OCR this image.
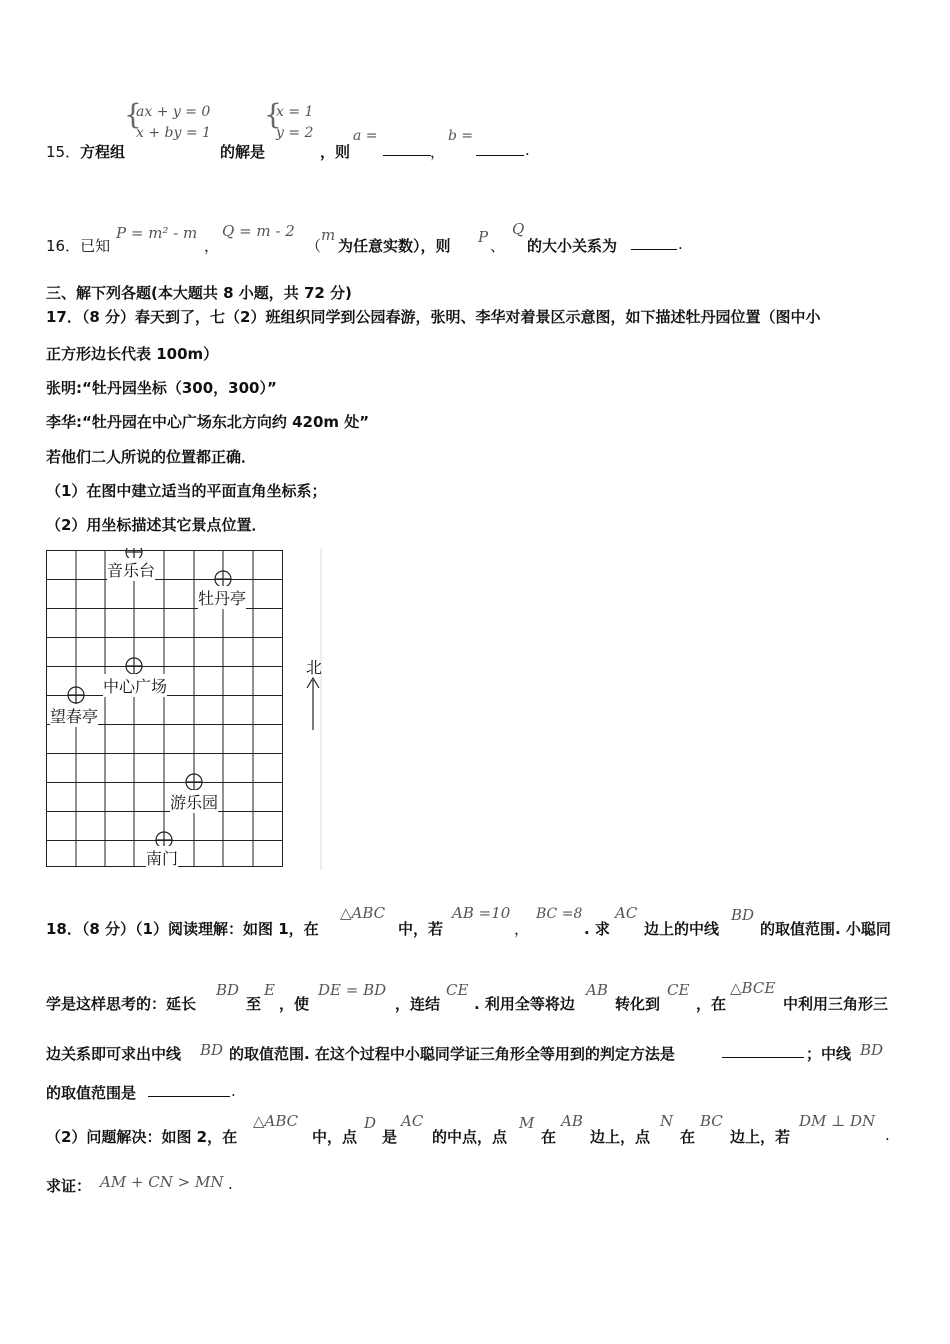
{
ax + y = 0
x + by = 1
{
x = 1
y = 2
15． 方程组	的解是	，则
a =
，
b =
.
16．已知
P = m² - m
，
Q = m - 2
（
m
为任意实数），则 P 、
Q
的大小关系为	.
三、解下列各题(本大题共 8 小题，共 72 分)
17．（8 分）春天到了，七（2）班组织同学到公园春游，张明、李华对着景区示意图，如下描述牡丹园位置（图中小
正方形边长代表 100m）
张明:“牡丹园坐标（300，300）”
李华:“牡丹园在中心广场东北方向约 420m 处”
若他们二人所说的位置都正确．
（1）在图中建立适当的平面直角坐标系；
（2）用坐标描述其它景点位置．
北
音乐台
牡丹亭
中心广场
望春亭
游乐园
南门
18．（8 分）（1）阅读理解：如图 1，在
△ABC
中，若
AB =10
，
BC =8
. 求
AC
边上的中线
BD
的取值范围. 小聪同
学是这样思考的：延长
BD
至
E
，使
DE = BD
，连结
CE
. 利用全等将边
AB
转化到
CE
，在
△BCE
中利用三角形三
边关系即可求出中线 BD 的取值范围. 在这个过程中小聪同学证三角形全等用到的判定方法是	；中线 BD
的取值范围是	.
（2）问题解决：如图 2，在
△ABC
中，点
D
是
AC
的中点，点
M
在
AB
边上，点
N
在
BC
边上，若
DM ⊥ DN
.
求证： AM + CN > MN .
